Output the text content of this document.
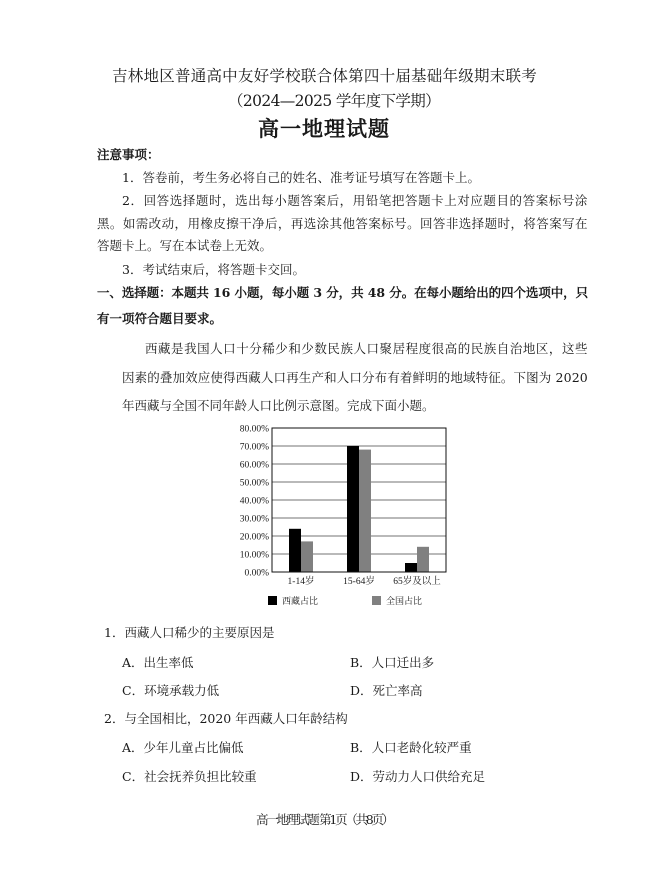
吉林地区普通高中友好学校联合体第四十届基础年级期末联考
（2024—2025 学年度下学期）
高一地理试题
注意事项：
1．答卷前，考生务必将自己的姓名、准考证号填写在答题卡上。
2．回答选择题时，选出每小题答案后，用铅笔把答题卡上对应题目的答案标号涂
黑。如需改动，用橡皮擦干净后，再选涂其他答案标号。回答非选择题时，将答案写在
答题卡上。写在本试卷上无效。
3．考试结束后，将答题卡交回。
一、选择题：本题共 16 小题，每小题 3 分，共 48 分。在每小题给出的四个选项中，只
有一项符合题目要求。
西藏是我国人口十分稀少和少数民族人口聚居程度很高的民族自治地区，这些
因素的叠加效应使得西藏人口再生产和人口分布有着鲜明的地域特征。下图为 2020
年西藏与全国不同年龄人口比例示意图。完成下面小题。
0.00%
10.00%
20.00%
30.00%
40.00%
50.00%
60.00%
70.00%
80.00%
1-14岁	15-64岁 65岁及以上
西藏占比	全国占比
1．西藏人口稀少的主要原因是
A．出生率低	B．人口迁出多
C．环境承载力低	D．死亡率高
2．与全国相比，2020 年西藏人口年龄结构
A．少年儿童占比偏低	B．人口老龄化较严重
C．社会抚养负担比较重	D．劳动力人口供给充足
高一地理试题 第1页（共8页）
